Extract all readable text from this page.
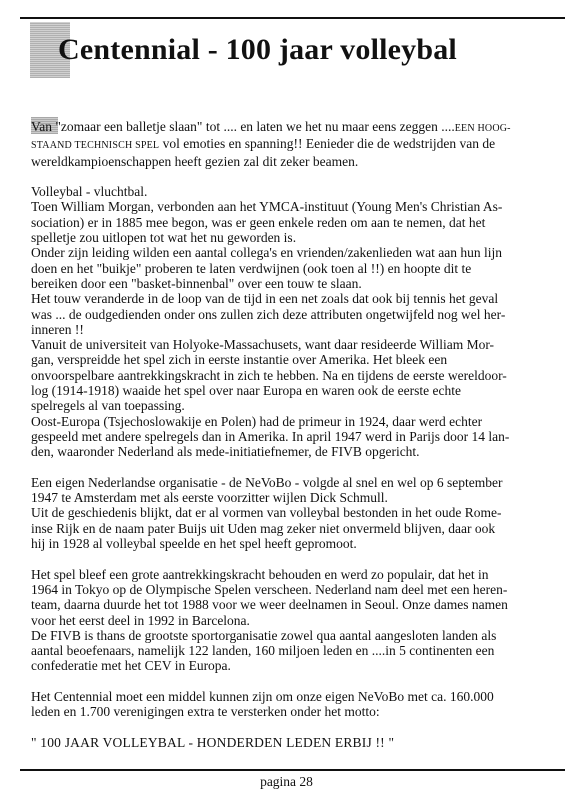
Centennial - 100 jaar volleybal

Van "zomaar een balletje slaan" tot .... en laten we het nu maar eens zeggen ....EEN HOOG-
STAAND TECHNISCH SPEL vol emoties en spanning!! Eenieder die de wedstrijden van de
wereldkampioenschappen heeft gezien zal dit zeker beamen.

Volleybal - vluchtbal.
Toen William Morgan, verbonden aan het YMCA-instituut (Young Men's Christian As-
sociation) er in 1885 mee begon, was er geen enkele reden om aan te nemen, dat het
spelletje zou uitlopen tot wat het nu geworden is.
Onder zijn leiding wilden een aantal collega's en vrienden/zakenlieden wat aan hun lijn
doen en het "buikje" proberen te laten verdwijnen (ook toen al !!) en hoopte dit te
bereiken door een "basket-binnenbal" over een touw te slaan.
Het touw veranderde in de loop van de tijd in een net zoals dat ook bij tennis het geval
was ... de oudgedienden onder ons zullen zich deze attributen ongetwijfeld nog wel her-
inneren !!
Vanuit de universiteit van Holyoke-Massachusets, want daar resideerde William Mor-
gan, verspreidde het spel zich in eerste instantie over Amerika. Het bleek een
onvoorspelbare aantrekkingskracht in zich te hebben. Na en tijdens de eerste wereldoor-
log (1914-1918) waaide het spel over naar Europa en waren ook de eerste echte
spelregels al van toepassing.
Oost-Europa (Tsjechoslowakije en Polen) had de primeur in 1924, daar werd echter
gespeeld met andere spelregels dan in Amerika. In april 1947 werd in Parijs door 14 lan-
den, waaronder Nederland als mede-initiatiefnemer, de FIVB opgericht.

Een eigen Nederlandse organisatie - de NeVoBo - volgde al snel en wel op 6 september
1947 te Amsterdam met als eerste voorzitter wijlen Dick Schmull.
Uit de geschiedenis blijkt, dat er al vormen van volleybal bestonden in het oude Rome-
inse Rijk en de naam pater Buijs uit Uden mag zeker niet onvermeld blijven, daar ook
hij in 1928 al volleybal speelde en het spel heeft gepromoot.

Het spel bleef een grote aantrekkingskracht behouden en werd zo populair, dat het in
1964 in Tokyo op de Olympische Spelen verscheen. Nederland nam deel met een heren-
team, daarna duurde het tot 1988 voor we weer deelnamen in Seoul. Onze dames namen
voor het eerst deel in 1992 in Barcelona.
De FIVB is thans de grootste sportorganisatie zowel qua aantal aangesloten landen als
aantal beoefenaars, namelijk 122 landen, 160 miljoen leden en ....in 5 continenten een
confederatie met het CEV in Europa.

Het Centennial moet een middel kunnen zijn om onze eigen NeVoBo met ca. 160.000
leden en 1.700 verenigingen extra te versterken onder het motto:

" 100 JAAR VOLLEYBAL - HONDERDEN LEDEN ERBIJ !! "

pagina 28
